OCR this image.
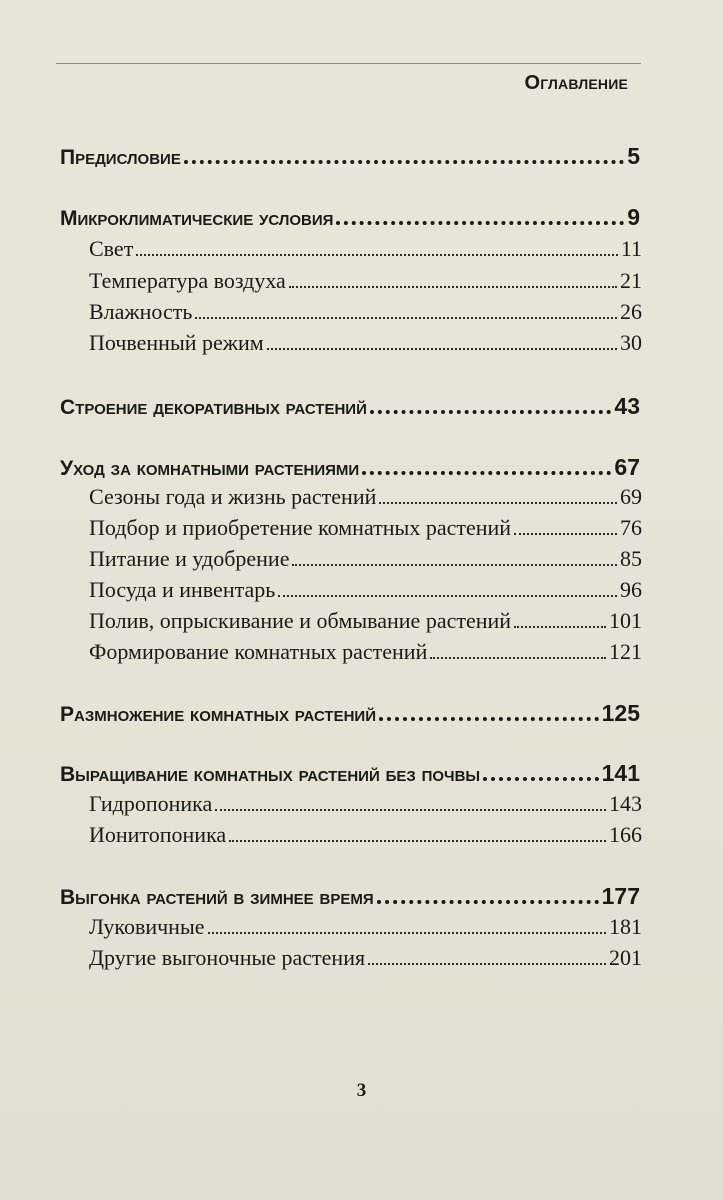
Оглавление
Предисловие	5
Микроклиматические условия	9
Свет	11
Температура воздуха	21
Влажность	26
Почвенный режим	30
Строение декоративных растений	43
Уход за комнатными растениями	67
Сезоны года и жизнь растений	69
Подбор и приобретение комнатных растений	76
Питание и удобрение	85
Посуда и инвентарь	96
Полив, опрыскивание и обмывание растений	101
Формирование комнатных растений	121
Размножение комнатных растений	125
Выращивание комнатных растений без почвы	141
Гидропоника	143
Ионитопоника	166
Выгонка растений в зимнее время	177
Луковичные	181
Другие выгоночные растения	201
3
